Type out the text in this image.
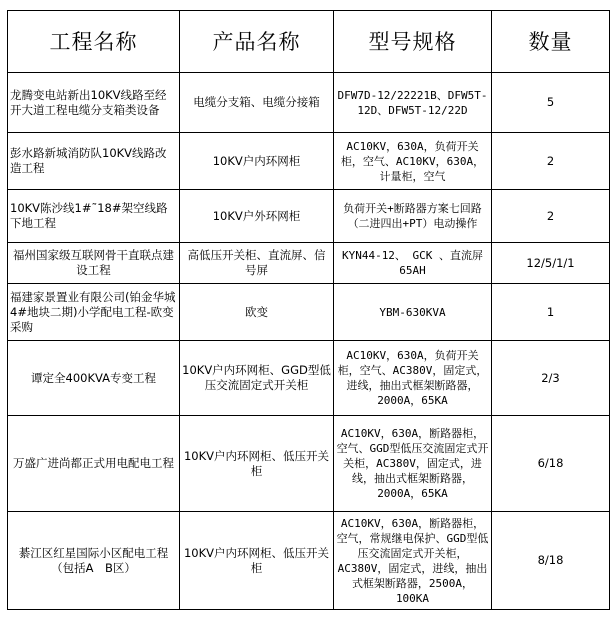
工程名称	产品名称	型号规格	数量
龙腾变电站新出10KV线路至经开大道工程电缆分支箱类设备	电缆分支箱、电缆分接箱	DFW7D-12/22221B、DFW5T-12D、DFW5T-12/22D	5
彭水路新城消防队10KV线路改造工程	10KV户内环网柜	AC10KV，630A，负荷开关柜，空气、AC10KV，630A，计量柜，空气	2
10KV陈沙线1#˜18#架空线路下地工程	10KV户外环网柜	负荷开关+断路器方案七回路（二进四出+PT）电动操作	2
福州国家级互联网骨干直联点建设工程	高低压开关柜、直流屏、信号屏	KYN44-12、 GCK 、直流屏65AH	12/5/1/1
福建家景置业有限公司(铂金华城4#地块二期)小学配电工程-欧变采购	欧变	YBM-630KVA	1
谭定全400KVA专变工程	10KV户内环网柜、GGD型低压交流固定式开关柜	AC10KV，630A，负荷开关柜，空气、AC380V，固定式，进线，抽出式框架断路器，2000A，65KA	2/3
万盛广进尚都正式用电配电工程	10KV户内环网柜、低压开关柜	AC10KV，630A，断路器柜，空气、GGD型低压交流固定式开关柜，AC380V，固定式，进线，抽出式框架断路器，2000A，65KA	6/18
綦江区红星国际小区配电工程（包括A　B区）	10KV户内环网柜、低压开关柜	AC10KV，630A，断路器柜，空气，常规继电保护、GGD型低压交流固定式开关柜，AC380V，固定式，进线，抽出式框架断路器，2500A，100KA	8/18
